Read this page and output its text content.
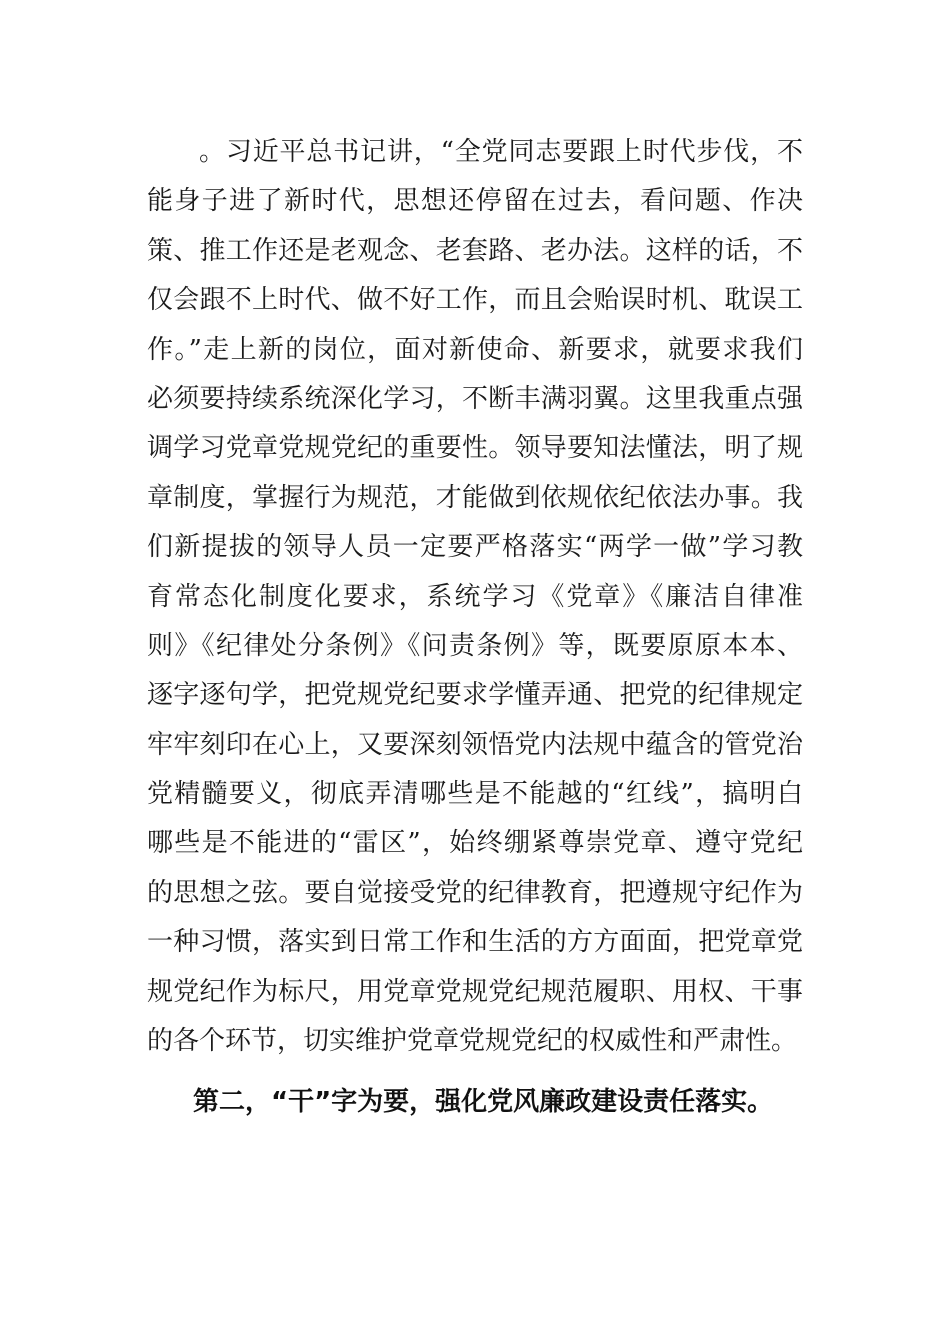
。习近平总书记讲，“全党同志要跟上时代步伐，不
能身子进了新时代，思想还停留在过去，看问题、作决
策、推工作还是老观念、老套路、老办法。这样的话，不
仅会跟不上时代、做不好工作，而且会贻误时机、耽误工
作。”走上新的岗位，面对新使命、新要求，就要求我们
必须要持续系统深化学习，不断丰满羽翼。这里我重点强
调学习党章党规党纪的重要性。领导要知法懂法，明了规
章制度，掌握行为规范，才能做到依规依纪依法办事。我
们新提拔的领导人员一定要严格落实“两学一做”学习教
育常态化制度化要求，系统学习《党章》《廉洁自律准
则》《纪律处分条例》《问责条例》等，既要原原本本、
逐字逐句学，把党规党纪要求学懂弄通、把党的纪律规定
牢牢刻印在心上，又要深刻领悟党内法规中蕴含的管党治
党精髓要义，彻底弄清哪些是不能越的“红线”，搞明白
哪些是不能进的“雷区”，始终绷紧尊崇党章、遵守党纪
的思想之弦。要自觉接受党的纪律教育，把遵规守纪作为
一种习惯，落实到日常工作和生活的方方面面，把党章党
规党纪作为标尺，用党章党规党纪规范履职、用权、干事
的各个环节，切实维护党章党规党纪的权威性和严肃性。
第二，“干”字为要，强化党风廉政建设责任落实。
